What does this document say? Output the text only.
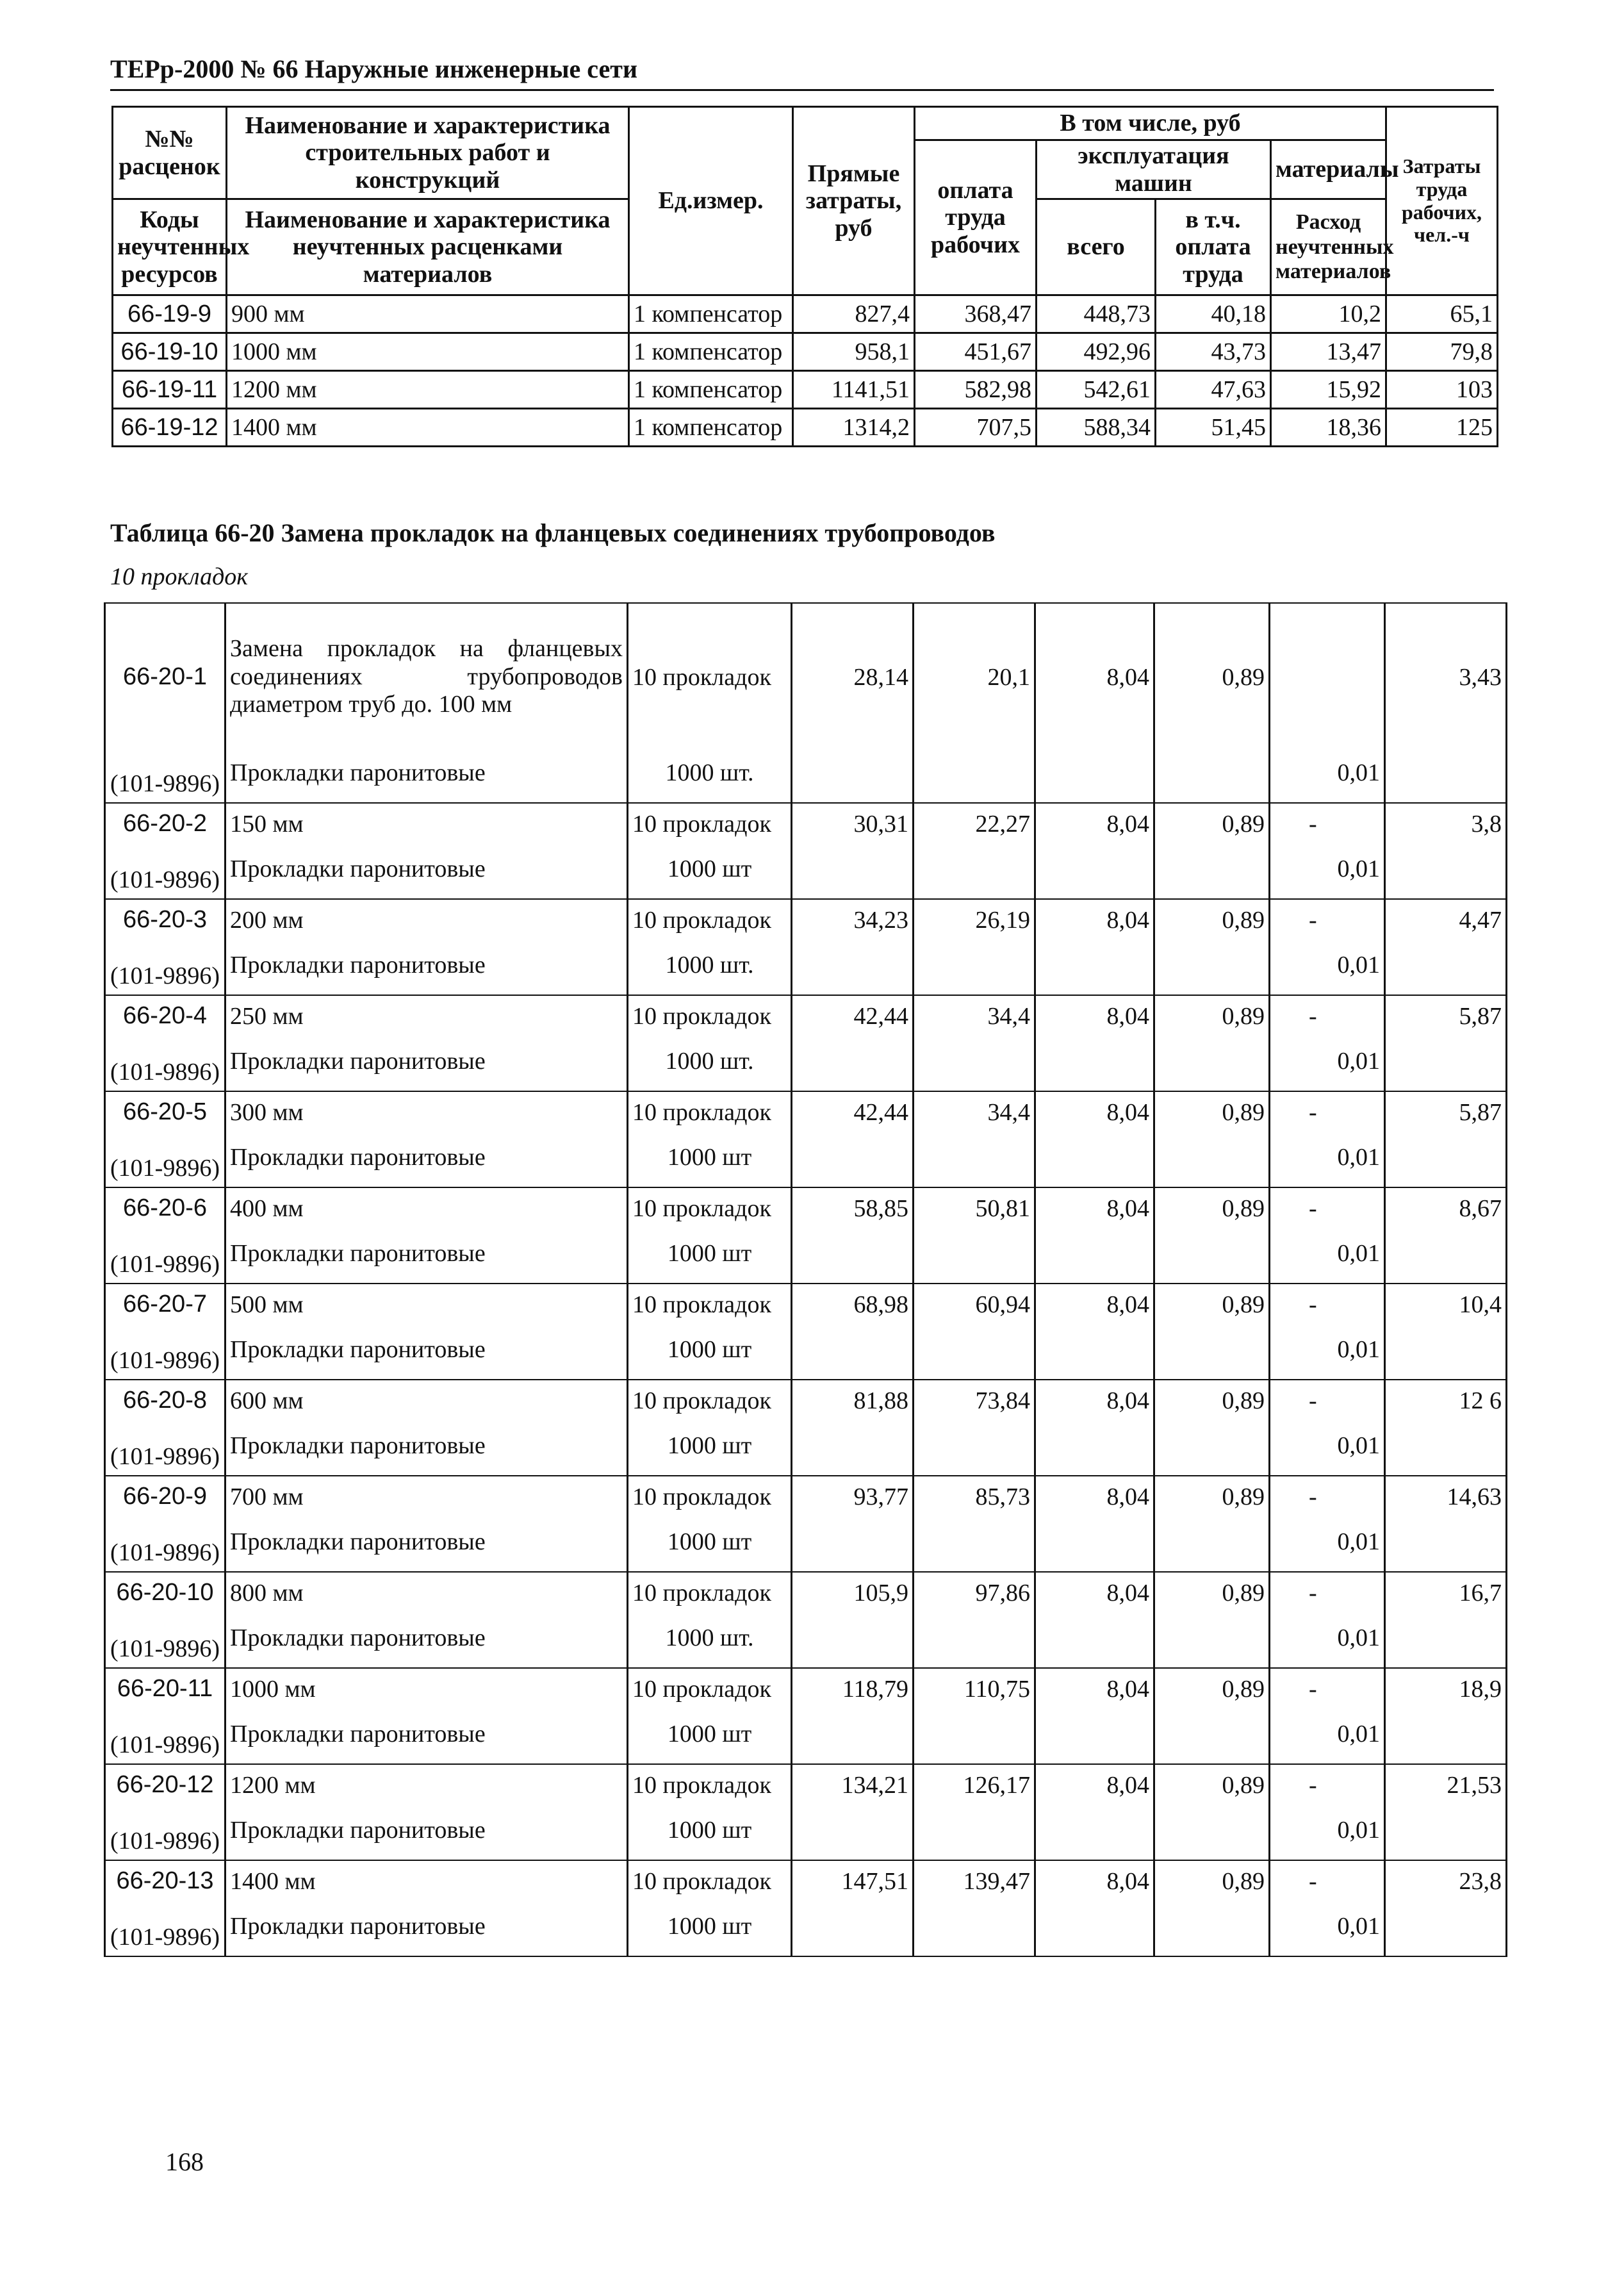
ТЕРр-2000 № 66 Наружные инженерные сети
№№ расценок	Наименование и характеристика строительных работ и конструкций	Ед.измер.	Прямые затраты, руб	В том числе, руб				Затраты труда рабочих, чел.-ч
				оплата труда рабочих	эксплуатация машин		материалы	

Коды неучтенных ресурсов	Наименование и характеристика неучтенных расценками материалов				всего	в т.ч. оплата труда	Расход неучтенных материалов	

66-19-9	900 мм	1 компенсатор	827,4	368,47	448,73	40,18	10,2	65,1
66-19-10	1000 мм	1 компенсатор	958,1	451,67	492,96	43,73	13,47	79,8
66-19-11	1200 мм	1 компенсатор	1141,51	582,98	542,61	47,63	15,92	103
66-19-12	1400 мм	1 компенсатор	1314,2	707,5	588,34	51,45	18,36	125
Таблица 66-20 Замена прокладок на фланцевых соединениях трубопроводов
10 прокладок
66-20-1	Замена прокладок на фланцевых соединениях трубопроводов диаметром труб до. 100 мм	10 прокладок	28,14	20,1	8,04	0,89		3,43
(101-9896)	Прокладки паронитовые	1000 шт.					0,01	
66-20-2	150 мм	10 прокладок	30,31	22,27	8,04	0,89	-	3,8
(101-9896)	Прокладки паронитовые	1000 шт					0,01	
66-20-3	200 мм	10 прокладок	34,23	26,19	8,04	0,89	-	4,47
(101-9896)	Прокладки паронитовые	1000 шт.					0,01	
66-20-4	250 мм	10 прокладок	42,44	34,4	8,04	0,89	-	5,87
(101-9896)	Прокладки паронитовые	1000 шт.					0,01	
66-20-5	300 мм	10 прокладок	42,44	34,4	8,04	0,89	-	5,87
(101-9896)	Прокладки паронитовые	1000 шт					0,01	
66-20-6	400 мм	10 прокладок	58,85	50,81	8,04	0,89	-	8,67
(101-9896)	Прокладки паронитовые	1000 шт					0,01	
66-20-7	500 мм	10 прокладок	68,98	60,94	8,04	0,89	-	10,4
(101-9896)	Прокладки паронитовые	1000 шт					0,01	
66-20-8	600 мм	10 прокладок	81,88	73,84	8,04	0,89	-	12 6
(101-9896)	Прокладки паронитовые	1000 шт					0,01	
66-20-9	700 мм	10 прокладок	93,77	85,73	8,04	0,89	-	14,63
(101-9896)	Прокладки паронитовые	1000 шт					0,01	
66-20-10	800 мм	10 прокладок	105,9	97,86	8,04	0,89	-	16,7
(101-9896)	Прокладки паронитовые	1000 шт.					0,01	
66-20-11	1000 мм	10 прокладок	118,79	110,75	8,04	0,89	-	18,9
(101-9896)	Прокладки паронитовые	1000 шт					0,01	
66-20-12	1200 мм	10 прокладок	134,21	126,17	8,04	0,89	-	21,53
(101-9896)	Прокладки паронитовые	1000 шт					0,01	
66-20-13	1400 мм	10 прокладок	147,51	139,47	8,04	0,89	-	23,8
(101-9896)	Прокладки паронитовые	1000 шт					0,01	
168
